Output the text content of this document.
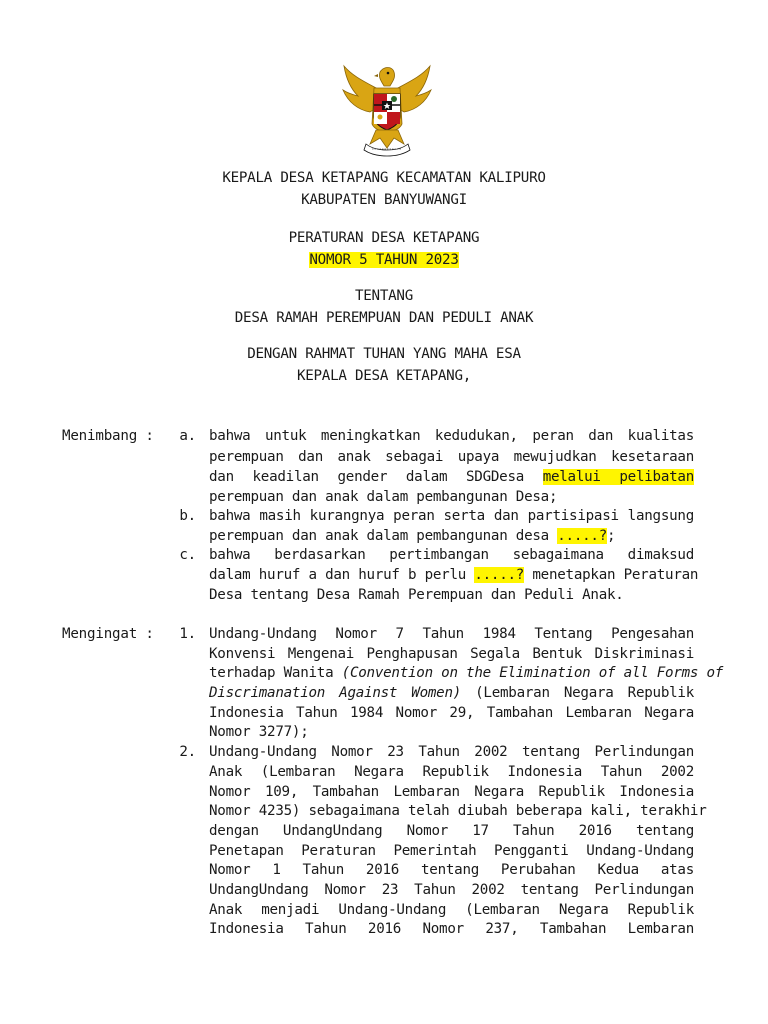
KEPALA DESA KETAPANG KECAMATAN KALIPURO
KABUPATEN BANYUWANGI
PERATURAN DESA KETAPANG
NOMOR 5 TAHUN 2023
TENTANG
DESA RAMAH PEREMPUAN DAN PEDULI ANAK
DENGAN RAHMAT TUHAN YANG MAHA ESA
KEPALA DESA KETAPANG,
Menimbang :	a. bahwa untuk meningkatkan kedudukan, peran dan kualitas
perempuan dan anak sebagai upaya mewujudkan kesetaraan
dan keadilan gender dalam SDGDesa melalui pelibatan
perempuan dan anak dalam pembangunan Desa;
b. bahwa masih kurangnya peran serta dan partisipasi langsung
perempuan dan anak dalam pembangunan desa .....?;
c. bahwa berdasarkan pertimbangan sebagaimana dimaksud
dalam huruf a dan huruf b perlu .....? menetapkan Peraturan
Desa tentang Desa Ramah Perempuan dan Peduli Anak.
Mengingat :	1. Undang-Undang Nomor 7 Tahun 1984 Tentang Pengesahan
Konvensi Mengenai Penghapusan Segala Bentuk Diskriminasi
terhadap Wanita (Convention on the Elimination of all Forms of
Discrimanation Against Women) (Lembaran Negara Republik
Indonesia Tahun 1984 Nomor 29, Tambahan Lembaran Negara
Nomor 3277);
2. Undang-Undang Nomor 23 Tahun 2002 tentang Perlindungan
Anak (Lembaran Negara Republik Indonesia Tahun 2002
Nomor 109, Tambahan Lembaran Negara Republik Indonesia
Nomor 4235) sebagaimana telah diubah beberapa kali, terakhir
dengan UndangUndang Nomor 17 Tahun 2016 tentang
Penetapan Peraturan Pemerintah Pengganti Undang-Undang
Nomor 1 Tahun 2016 tentang Perubahan Kedua atas
UndangUndang Nomor 23 Tahun 2002 tentang Perlindungan
Anak menjadi Undang-Undang (Lembaran Negara Republik
Indonesia Tahun 2016 Nomor 237, Tambahan Lembaran
